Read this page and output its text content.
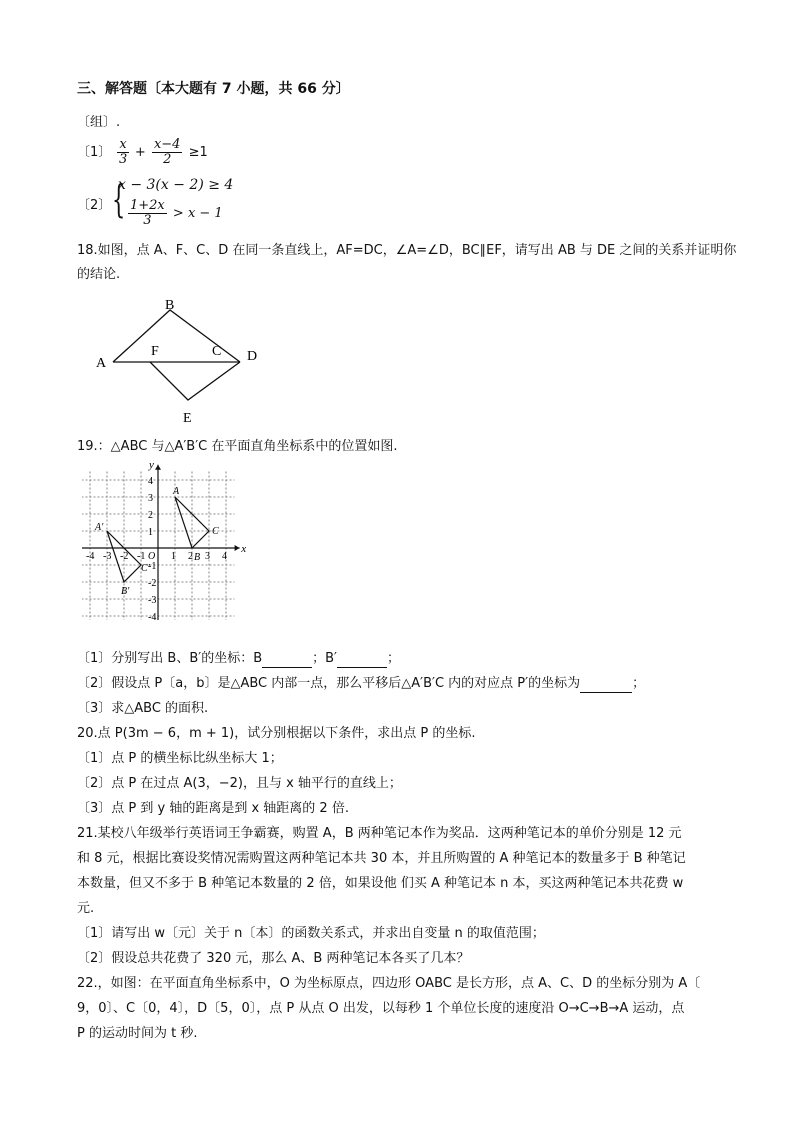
三、解答题〔本大题有 7 小题，共 66 分〕
〔组〕.
〔1〕 $\frac{x}{3} + \frac{x-4}{2} \ge 1$
〔2〕 {
x − 3(x − 2) ≥ 4
$\frac{1+2x}{3} > x - 1$
18.如图，点 A、F、C、D 在同一条直线上，AF=DC，∠A=∠D，BC∥EF，请写出 AB 与 DE 之间的关系并证明你
的结论.
A
B
C D
E
F
19.：△ABC 与△A′B′C 在平面直角坐标系中的位置如图.
x
y
O
-4 -3 -2 -1	1 2 3 4
4
3
2
1
-1
-2
-3
-4
A
B
C
A′
B′
C′
〔1〕分别写出 B、B′的坐标：B	；B′	；
〔2〕假设点 P〔a，b〕是△ABC 内部一点，那么平移后△A′B′C 内的对应点 P′的坐标为	；
〔3〕求△ABC 的面积.
20.点 P(3m − 6，m + 1)，试分别根据以下条件，求出点 P 的坐标.
〔1〕点 P 的横坐标比纵坐标大 1；
〔2〕点 P 在过点 A(3，−2)，且与 x 轴平行的直线上；
〔3〕点 P 到 y 轴的距离是到 x 轴距离的 2 倍.
21.某校八年级举行英语词王争霸赛，购置 A，B 两种笔记本作为奖品．这两种笔记本的单价分别是 12 元
和 8 元，根据比赛设奖情况需购置这两种笔记本共 30 本，并且所购置的 A 种笔记本的数量多于 B 种笔记
本数量，但又不多于 B 种笔记本数量的 2 倍，如果设他 们买 A 种笔记本 n 本，买这两种笔记本共花费 w
元.
〔1〕请写出 w〔元〕关于 n〔本〕的函数关系式，并求出自变量 n 的取值范围；
〔2〕假设总共花费了 320 元，那么 A、B 两种笔记本各买了几本？
22.，如图：在平面直角坐标系中，O 为坐标原点，四边形 OABC 是长方形，点 A、C、D 的坐标分别为 A〔
9，0〕、C〔0，4〕，D〔5，0〕，点 P 从点 O 出发，以每秒 1 个单位长度的速度沿 O→C→B→A 运动，点
P 的运动时间为 t 秒.
